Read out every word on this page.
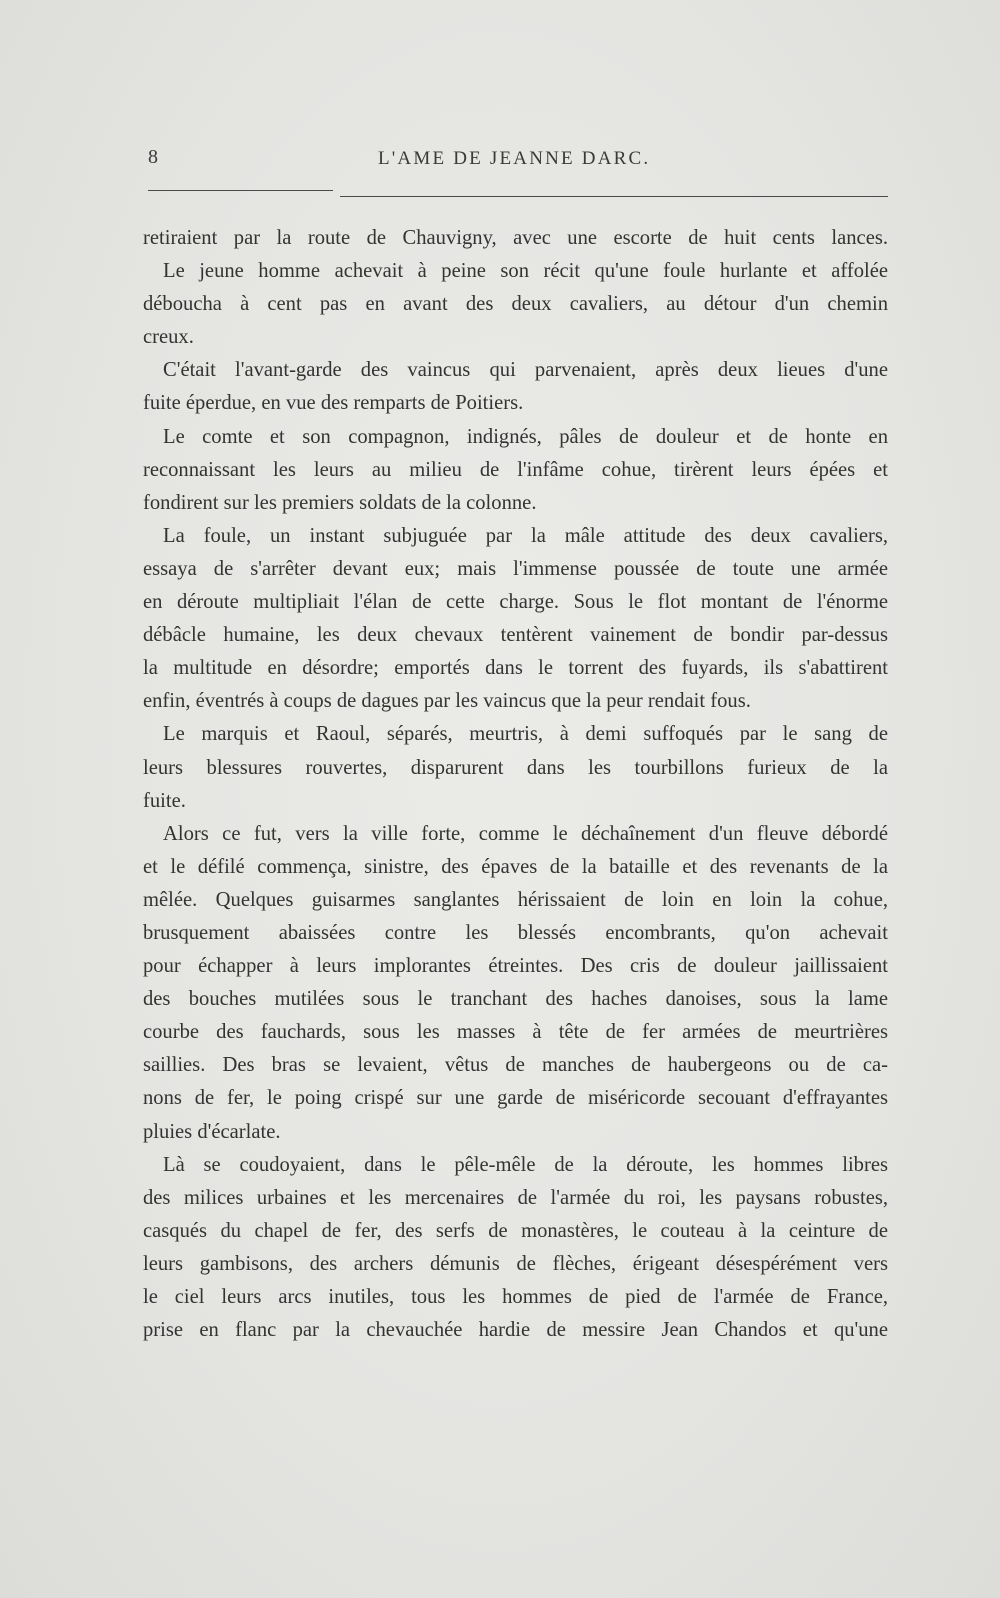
8	L'AME DE JEANNE DARC.
retiraient par la route de Chauvigny, avec une escorte de huit cents lances.
Le jeune homme achevait à peine son récit qu'une foule hurlante et affolée
déboucha à cent pas en avant des deux cavaliers, au détour d'un chemin
creux.
C'était l'avant-garde des vaincus qui parvenaient, après deux lieues d'une
fuite éperdue, en vue des remparts de Poitiers.
Le comte et son compagnon, indignés, pâles de douleur et de honte en
reconnaissant les leurs au milieu de l'infâme cohue, tirèrent leurs épées et
fondirent sur les premiers soldats de la colonne.
La foule, un instant subjuguée par la mâle attitude des deux cavaliers,
essaya de s'arrêter devant eux; mais l'immense poussée de toute une armée
en déroute multipliait l'élan de cette charge. Sous le flot montant de l'énorme
débâcle humaine, les deux chevaux tentèrent vainement de bondir par-dessus
la multitude en désordre; emportés dans le torrent des fuyards, ils s'abattirent
enfin, éventrés à coups de dagues par les vaincus que la peur rendait fous.
Le marquis et Raoul, séparés, meurtris, à demi suffoqués par le sang de
leurs blessures rouvertes, disparurent dans les tourbillons furieux de la
fuite.
Alors ce fut, vers la ville forte, comme le déchaînement d'un fleuve débordé
et le défilé commença, sinistre, des épaves de la bataille et des revenants de la
mêlée. Quelques guisarmes sanglantes hérissaient de loin en loin la cohue,
brusquement abaissées contre les blessés encombrants, qu'on achevait
pour échapper à leurs implorantes étreintes. Des cris de douleur jaillissaient
des bouches mutilées sous le tranchant des haches danoises, sous la lame
courbe des fauchards, sous les masses à tête de fer armées de meurtrières
saillies. Des bras se levaient, vêtus de manches de haubergeons ou de ca-
nons de fer, le poing crispé sur une garde de miséricorde secouant d'effrayantes
pluies d'écarlate.
Là se coudoyaient, dans le pêle-mêle de la déroute, les hommes libres
des milices urbaines et les mercenaires de l'armée du roi, les paysans robustes,
casqués du chapel de fer, des serfs de monastères, le couteau à la ceinture de
leurs gambisons, des archers démunis de flèches, érigeant désespérément vers
le ciel leurs arcs inutiles, tous les hommes de pied de l'armée de France,
prise en flanc par la chevauchée hardie de messire Jean Chandos et qu'une
